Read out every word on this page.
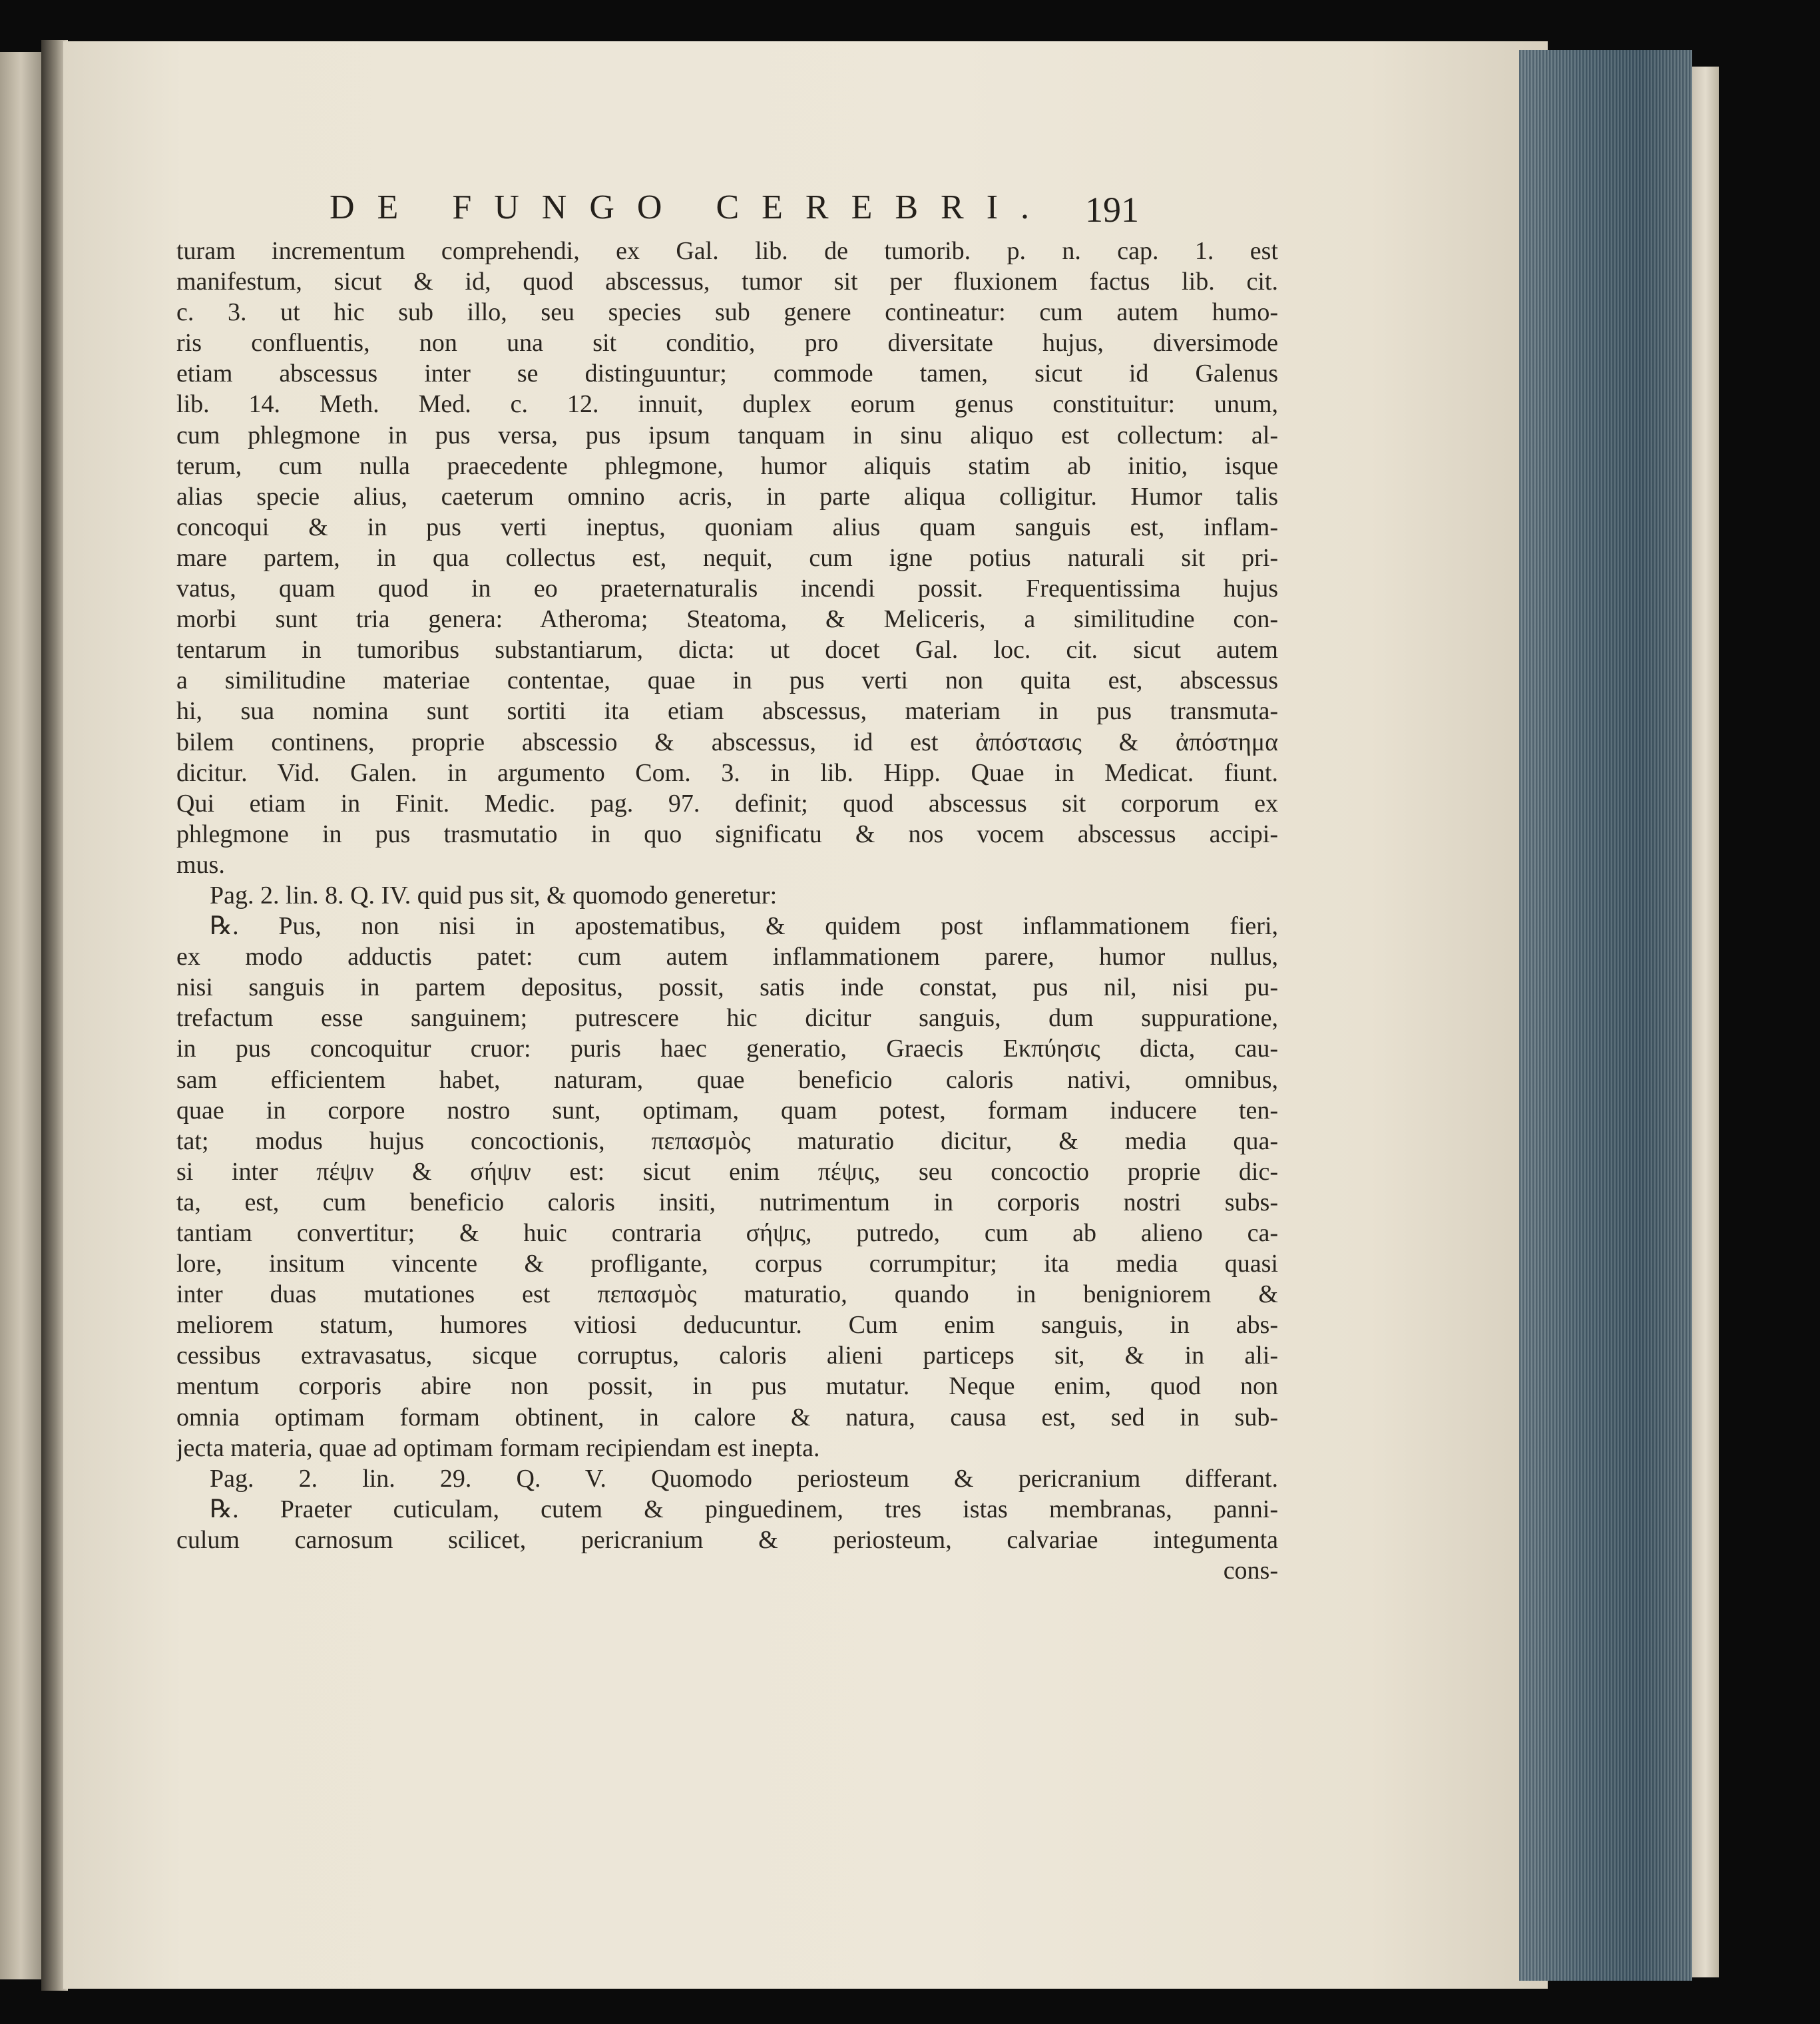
DE FUNGO CEREBRI. 191
turam incrementum comprehendi, ex Gal. lib. de tumorib. p. n. cap. 1. est
manifestum, sicut & id, quod abscessus, tumor sit per fluxionem factus lib. cit.
c. 3. ut hic sub illo, seu species sub genere contineatur: cum autem humo-
ris confluentis, non una sit conditio, pro diversitate hujus, diversimode
etiam abscessus inter se distinguuntur; commode tamen, sicut id Galenus
lib. 14. Meth. Med. c. 12. innuit, duplex eorum genus constituitur: unum,
cum phlegmone in pus versa, pus ipsum tanquam in sinu aliquo est collectum: al-
terum, cum nulla praecedente phlegmone, humor aliquis statim ab initio, isque
alias specie alius, caeterum omnino acris, in parte aliqua colligitur. Humor talis
concoqui & in pus verti ineptus, quoniam alius quam sanguis est, inflam-
mare partem, in qua collectus est, nequit, cum igne potius naturali sit pri-
vatus, quam quod in eo praeternaturalis incendi possit. Frequentissima hujus
morbi sunt tria genera: Atheroma; Steatoma, & Meliceris, a similitudine con-
tentarum in tumoribus substantiarum, dicta: ut docet Gal. loc. cit. sicut autem
a similitudine materiae contentae, quae in pus verti non quita est, abscessus
hi, sua nomina sunt sortiti ita etiam abscessus, materiam in pus transmuta-
bilem continens, proprie abscessio & abscessus, id est ἀπόστασις & ἀπόστημα
dicitur. Vid. Galen. in argumento Com. 3. in lib. Hipp. Quae in Medicat. fiunt.
Qui etiam in Finit. Medic. pag. 97. definit; quod abscessus sit corporum ex
phlegmone in pus trasmutatio in quo significatu & nos vocem abscessus accipi-
mus.
Pag. 2. lin. 8. Q. IV. quid pus sit, & quomodo generetur:
℞. Pus, non nisi in apostematibus, & quidem post inflammationem fieri,
ex modo adductis patet: cum autem inflammationem parere, humor nullus,
nisi sanguis in partem depositus, possit, satis inde constat, pus nil, nisi pu-
trefactum esse sanguinem; putrescere hic dicitur sanguis, dum suppuratione,
in pus concoquitur cruor: puris haec generatio, Graecis Εκπύησις dicta, cau-
sam efficientem habet, naturam, quae beneficio caloris nativi, omnibus,
quae in corpore nostro sunt, optimam, quam potest, formam inducere ten-
tat; modus hujus concoctionis, πεπασμὸς maturatio dicitur, & media qua-
si inter πέψιν & σήψιν est: sicut enim πέψις, seu concoctio proprie dic-
ta, est, cum beneficio caloris insiti, nutrimentum in corporis nostri subs-
tantiam convertitur; & huic contraria σήψις, putredo, cum ab alieno ca-
lore, insitum vincente & profligante, corpus corrumpitur; ita media quasi
inter duas mutationes est πεπασμὸς maturatio, quando in benigniorem &
meliorem statum, humores vitiosi deducuntur. Cum enim sanguis, in abs-
cessibus extravasatus, sicque corruptus, caloris alieni particeps sit, & in ali-
mentum corporis abire non possit, in pus mutatur. Neque enim, quod non
omnia optimam formam obtinent, in calore & natura, causa est, sed in sub-
jecta materia, quae ad optimam formam recipiendam est inepta.
Pag. 2. lin. 29. Q. V. Quomodo periosteum & pericranium differant.
℞. Praeter cuticulam, cutem & pinguedinem, tres istas membranas, panni-
culum carnosum scilicet, pericranium & periosteum, calvariae integumenta
cons-
